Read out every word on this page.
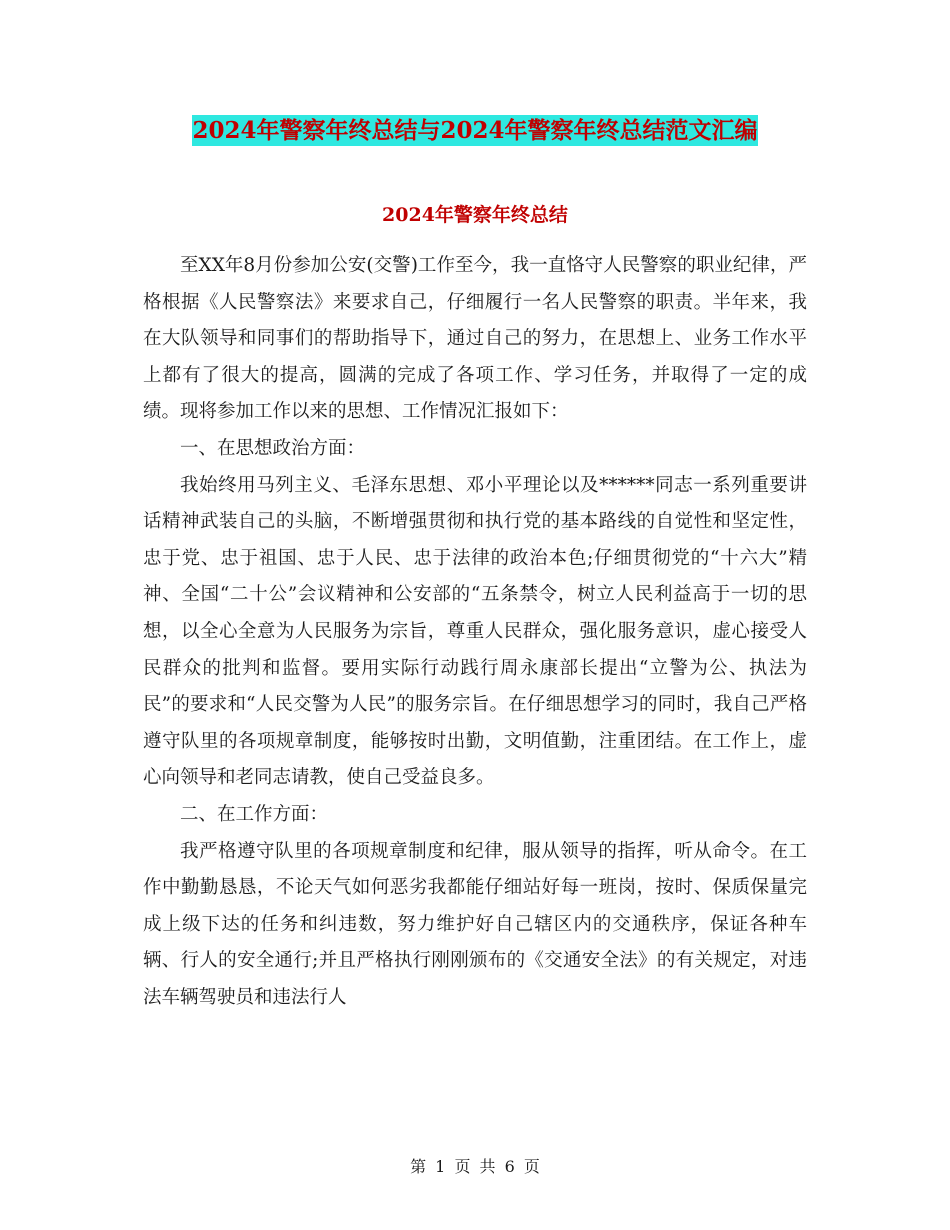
2024年警察年终总结与2024年警察年终总结范文汇编
2024年警察年终总结

至XX年8月份参加公安(交警)工作至今，我一直恪守人民警察的职业纪律，严格根据《人民警察法》来要求自己，仔细履行一名人民警察的职责。半年来，我在大队领导和同事们的帮助指导下，通过自己的努力，在思想上、业务工作水平上都有了很大的提高，圆满的完成了各项工作、学习任务，并取得了一定的成绩。现将参加工作以来的思想、工作情况汇报如下：

一、在思想政治方面：

我始终用马列主义、毛泽东思想、邓小平理论以及******同志一系列重要讲话精神武装自己的头脑，不断增强贯彻和执行党的基本路线的自觉性和坚定性，忠于党、忠于祖国、忠于人民、忠于法律的政治本色;仔细贯彻党的“十六大”精神、全国“二十公”会议精神和公安部的“五条禁令，树立人民利益高于一切的思想，以全心全意为人民服务为宗旨，尊重人民群众，强化服务意识，虚心接受人民群众的批判和监督。要用实际行动践行周永康部长提出“立警为公、执法为民”的要求和“人民交警为人民”的服务宗旨。在仔细思想学习的同时，我自己严格遵守队里的各项规章制度，能够按时出勤，文明值勤，注重团结。在工作上，虚心向领导和老同志请教，使自己受益良多。

二、在工作方面：

我严格遵守队里的各项规章制度和纪律，服从领导的指挥，听从命令。在工作中勤勤恳恳，不论天气如何恶劣我都能仔细站好每一班岗，按时、保质保量完成上级下达的任务和纠违数，努力维护好自己辖区内的交通秩序，保证各种车辆、行人的安全通行;并且严格执行刚刚颁布的《交通安全法》的有关规定，对违法车辆驾驶员和违法行人

第 1 页 共 6 页
